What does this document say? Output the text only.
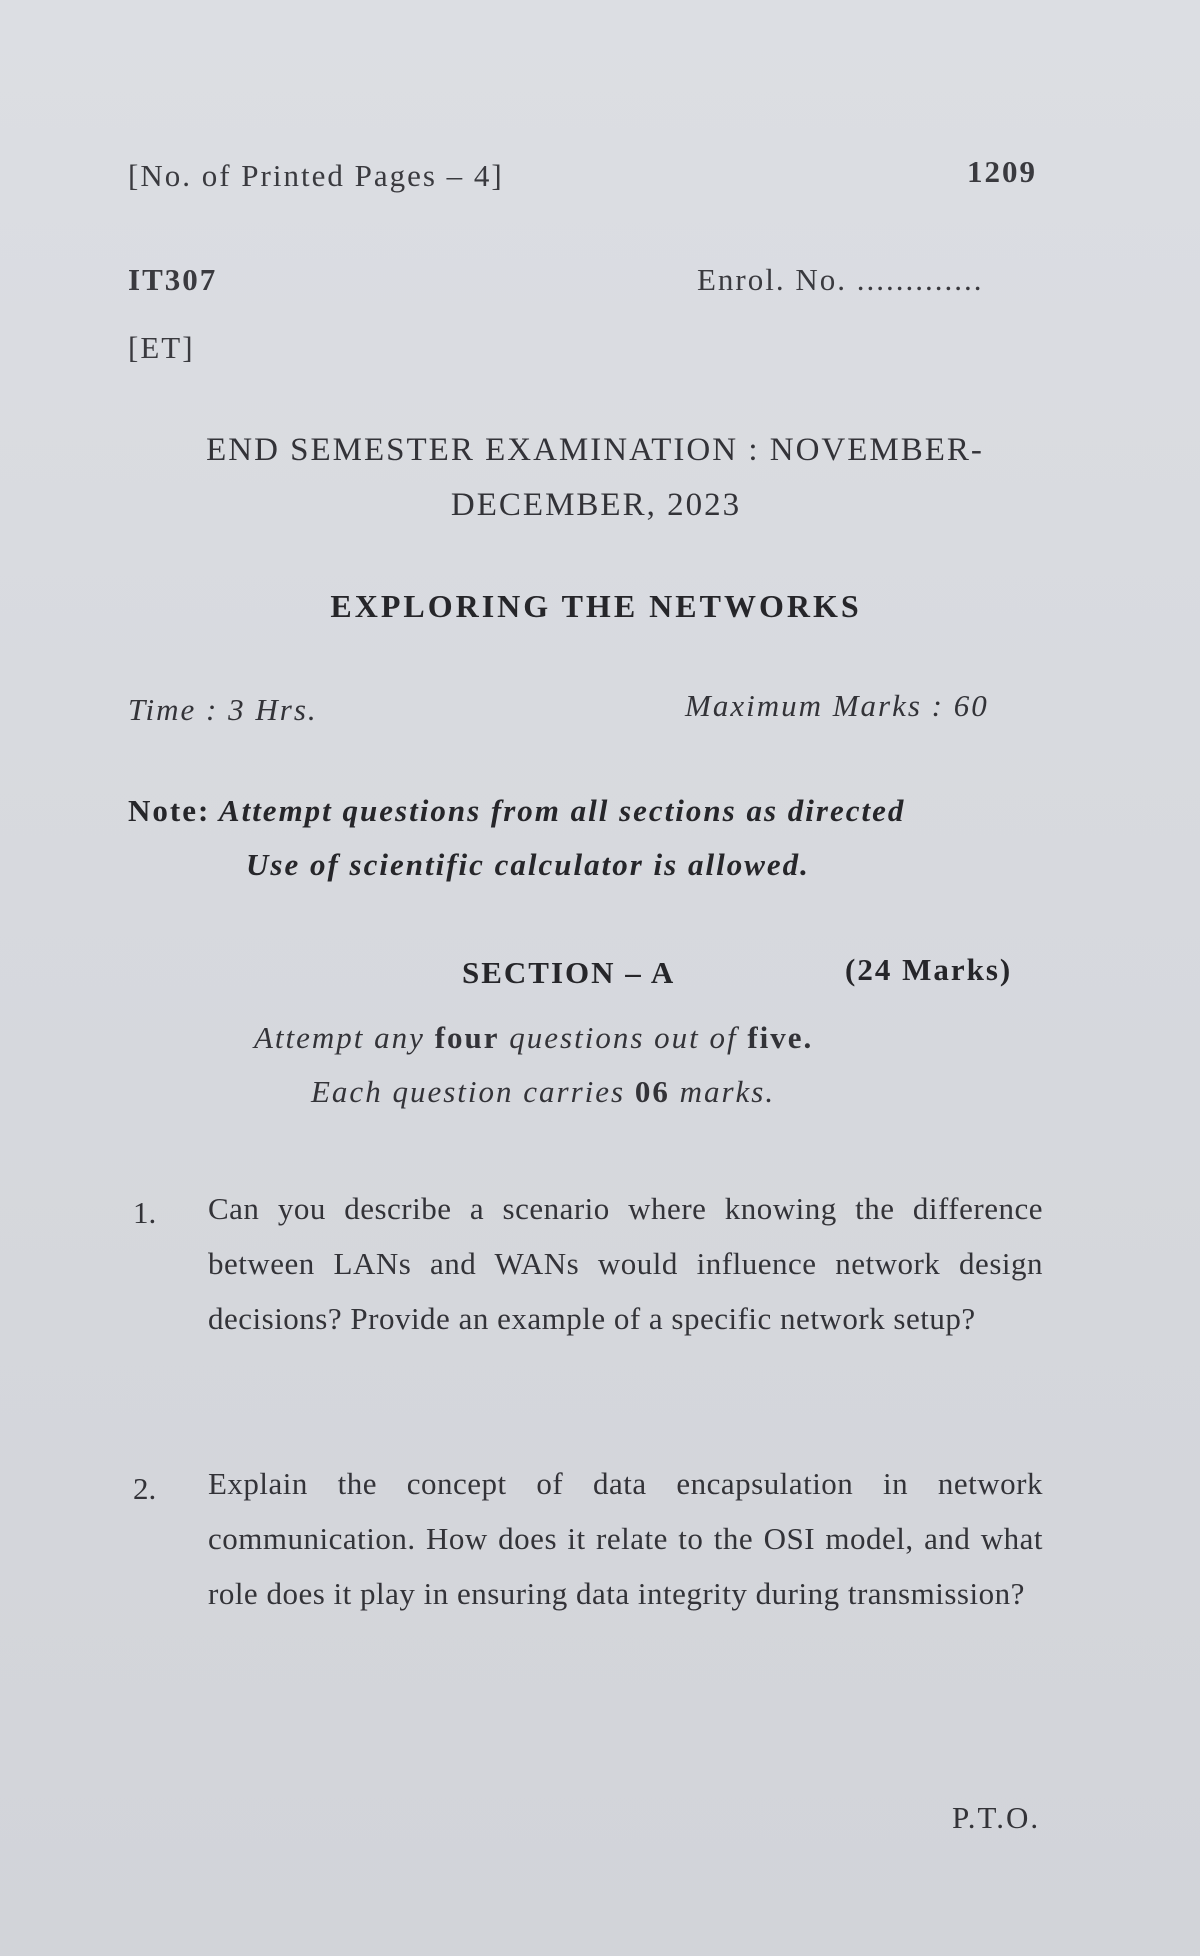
[No. of Printed Pages – 4]	1209
IT307	Enrol. No. .............
[ET]
END SEMESTER EXAMINATION : NOVEMBER-
DECEMBER, 2023
EXPLORING THE NETWORKS
Time : 3 Hrs.	Maximum Marks : 60
Note: Attempt questions from all sections as directed
Use of scientific calculator is allowed.
SECTION – A	(24 Marks)
Attempt any four questions out of five.
Each question carries 06 marks.
1. Can you describe a scenario where knowing the difference between LANs and WANs would influence network design decisions? Provide an example of a specific network setup?
2. Explain the concept of data encapsulation in network communication. How does it relate to the OSI model, and what role does it play in ensuring data integrity during transmission?
P.T.O.
